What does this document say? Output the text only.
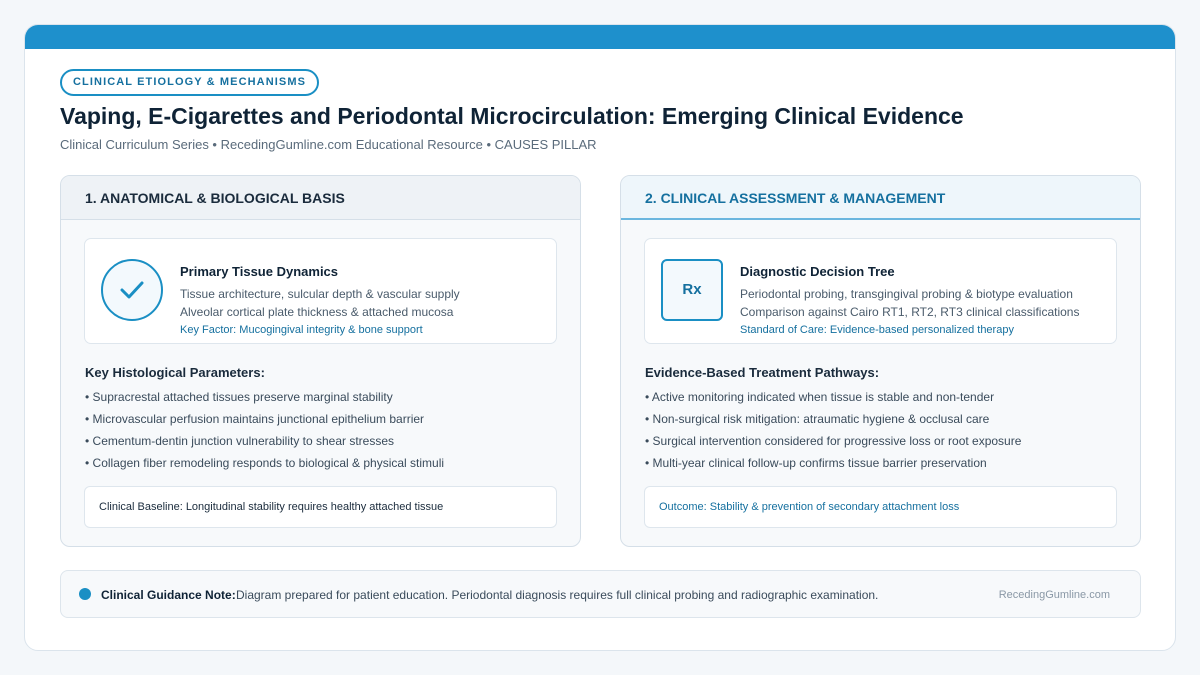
CLINICAL ETIOLOGY & MECHANISMS
Vaping, E-Cigarettes and Periodontal Microcirculation: Emerging Clinical Evidence
Clinical Curriculum Series • RecedingGumline.com Educational Resource • CAUSES PILLAR
1. ANATOMICAL & BIOLOGICAL BASIS
Primary Tissue Dynamics
Tissue architecture, sulcular depth & vascular supply
Alveolar cortical plate thickness & attached mucosa
Key Factor: Mucogingival integrity & bone support
Key Histological Parameters:
• Supracrestal attached tissues preserve marginal stability
• Microvascular perfusion maintains junctional epithelium barrier
• Cementum-dentin junction vulnerability to shear stresses
• Collagen fiber remodeling responds to biological & physical stimuli
Clinical Baseline: Longitudinal stability requires healthy attached tissue
2. CLINICAL ASSESSMENT & MANAGEMENT
Rx
Diagnostic Decision Tree
Periodontal probing, transgingival probing & biotype evaluation
Comparison against Cairo RT1, RT2, RT3 clinical classifications
Standard of Care: Evidence-based personalized therapy
Evidence-Based Treatment Pathways:
• Active monitoring indicated when tissue is stable and non-tender
• Non-surgical risk mitigation: atraumatic hygiene & occlusal care
• Surgical intervention considered for progressive loss or root exposure
• Multi-year clinical follow-up confirms tissue barrier preservation
Outcome: Stability & prevention of secondary attachment loss
Clinical Guidance Note: Diagram prepared for patient education. Periodontal diagnosis requires full clinical probing and radiographic examination.	RecedingGumline.com
